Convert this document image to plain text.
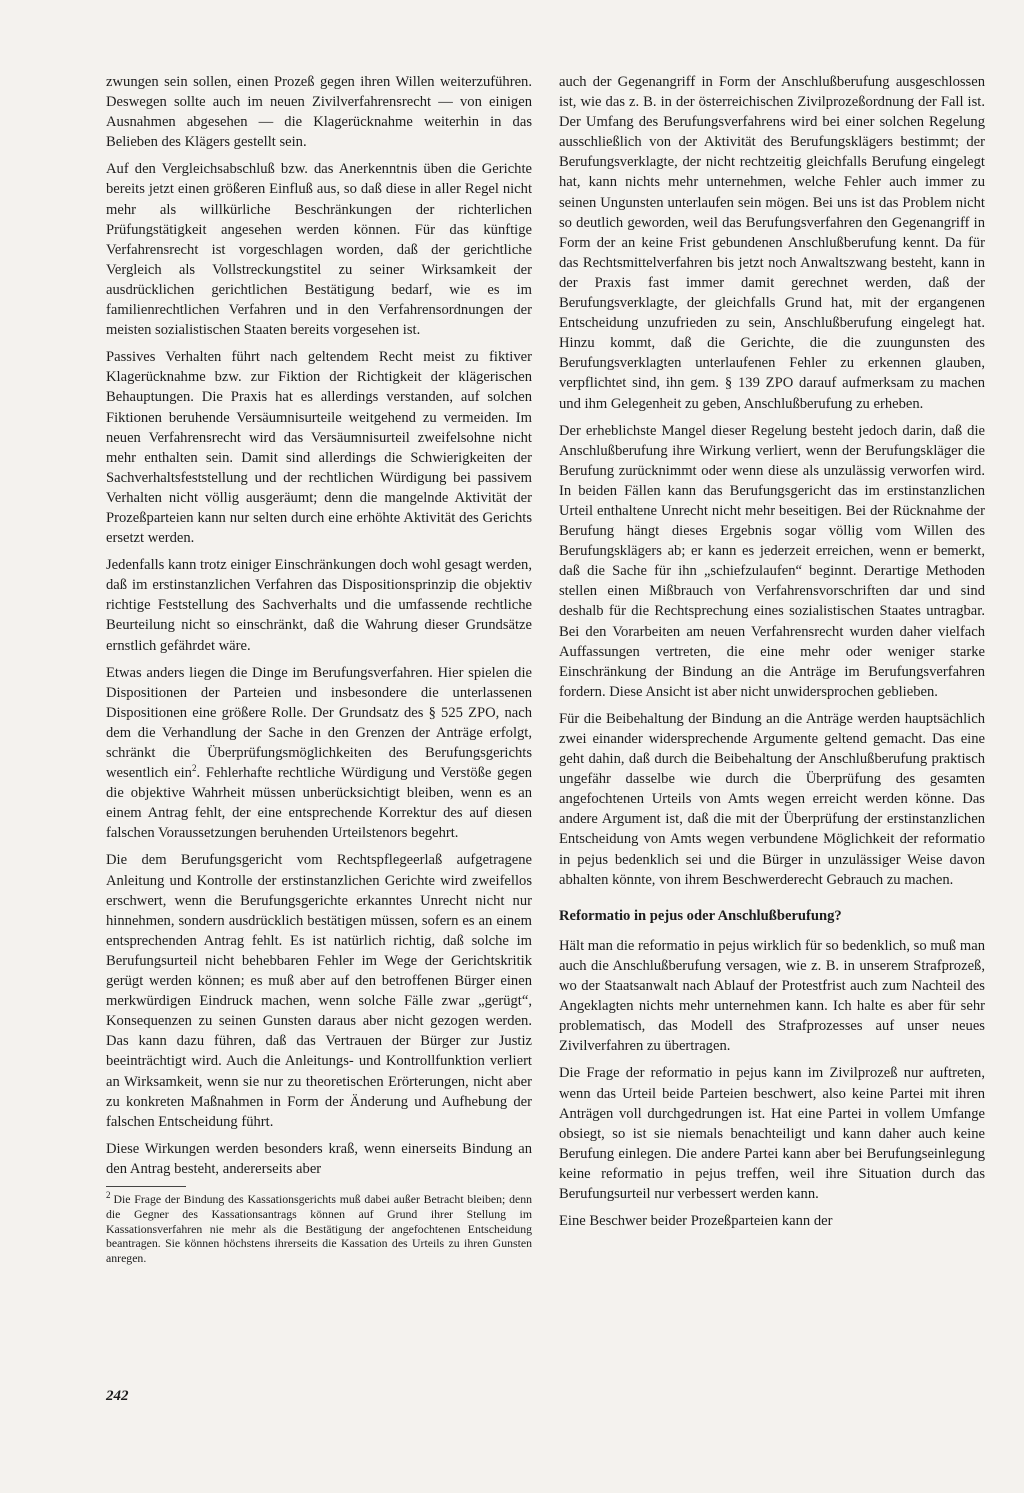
zwungen sein sollen, einen Prozeß gegen ihren Willen weiterzuführen. Deswegen sollte auch im neuen Zivilverfahrensrecht — von einigen Ausnahmen abgesehen — die Klagerücknahme weiterhin in das Belieben des Klägers gestellt sein.

Auf den Vergleichsabschluß bzw. das Anerkenntnis üben die Gerichte bereits jetzt einen größeren Einfluß aus, so daß diese in aller Regel nicht mehr als willkürliche Beschränkungen der richterlichen Prüfungstätigkeit angesehen werden können. Für das künftige Verfahrensrecht ist vorgeschlagen worden, daß der gerichtliche Vergleich als Vollstreckungstitel zu seiner Wirksamkeit der ausdrücklichen gerichtlichen Bestätigung bedarf, wie es im familienrechtlichen Verfahren und in den Verfahrensordnungen der meisten sozialistischen Staaten bereits vorgesehen ist.

Passives Verhalten führt nach geltendem Recht meist zu fiktiver Klagerücknahme bzw. zur Fiktion der Richtigkeit der klägerischen Behauptungen. Die Praxis hat es allerdings verstanden, auf solchen Fiktionen beruhende Versäumnisurteile weitgehend zu vermeiden. Im neuen Verfahrensrecht wird das Versäumnisurteil zweifelsohne nicht mehr enthalten sein. Damit sind allerdings die Schwierigkeiten der Sachverhaltsfeststellung und der rechtlichen Würdigung bei passivem Verhalten nicht völlig ausgeräumt; denn die mangelnde Aktivität der Prozeßparteien kann nur selten durch eine erhöhte Aktivität des Gerichts ersetzt werden.

Jedenfalls kann trotz einiger Einschränkungen doch wohl gesagt werden, daß im erstinstanzlichen Verfahren das Dispositionsprinzip die objektiv richtige Feststellung des Sachverhalts und die umfassende rechtliche Beurteilung nicht so einschränkt, daß die Wahrung dieser Grundsätze ernstlich gefährdet wäre.

Etwas anders liegen die Dinge im Berufungsverfahren. Hier spielen die Dispositionen der Parteien und insbesondere die unterlassenen Dispositionen eine größere Rolle. Der Grundsatz des § 525 ZPO, nach dem die Verhandlung der Sache in den Grenzen der Anträge erfolgt, schränkt die Überprüfungsmöglichkeiten des Berufungsgerichts wesentlich ein$^2$. Fehlerhafte rechtliche Würdigung und Verstöße gegen die objektive Wahrheit müssen unberücksichtigt bleiben, wenn es an einem Antrag fehlt, der eine entsprechende Korrektur des auf diesen falschen Voraussetzungen beruhenden Urteilstenors begehrt.

Die dem Berufungsgericht vom Rechtspflegeerlaß aufgetragene Anleitung und Kontrolle der erstinstanzlichen Gerichte wird zweifellos erschwert, wenn die Berufungsgerichte erkanntes Unrecht nicht nur hinnehmen, sondern ausdrücklich bestätigen müssen, sofern es an einem entsprechenden Antrag fehlt. Es ist natürlich richtig, daß solche im Berufungsurteil nicht behebbaren Fehler im Wege der Gerichtskritik gerügt werden können; es muß aber auf den betroffenen Bürger einen merkwürdigen Eindruck machen, wenn solche Fälle zwar „gerügt“, Konsequenzen zu seinen Gunsten daraus aber nicht gezogen werden. Das kann dazu führen, daß das Vertrauen der Bürger zur Justiz beeinträchtigt wird. Auch die Anleitungs- und Kontrollfunktion verliert an Wirksamkeit, wenn sie nur zu theoretischen Erörterungen, nicht aber zu konkreten Maßnahmen in Form der Änderung und Aufhebung der falschen Entscheidung führt.

Diese Wirkungen werden besonders kraß, wenn einerseits Bindung an den Antrag besteht, andererseits aber

$^2$ Die Frage der Bindung des Kassationsgerichts muß dabei außer Betracht bleiben; denn die Gegner des Kassationsantrags können auf Grund ihrer Stellung im Kassationsverfahren nie mehr als die Bestätigung der angefochtenen Entscheidung beantragen. Sie können höchstens ihrerseits die Kassation des Urteils zu ihren Gunsten anregen.

auch der Gegenangriff in Form der Anschlußberufung ausgeschlossen ist, wie das z. B. in der österreichischen Zivilprozeßordnung der Fall ist. Der Umfang des Berufungsverfahrens wird bei einer solchen Regelung ausschließlich von der Aktivität des Berufungsklägers bestimmt; der Berufungsverklagte, der nicht rechtzeitig gleichfalls Berufung eingelegt hat, kann nichts mehr unternehmen, welche Fehler auch immer zu seinen Ungunsten unterlaufen sein mögen. Bei uns ist das Problem nicht so deutlich geworden, weil das Berufungsverfahren den Gegenangriff in Form der an keine Frist gebundenen Anschlußberufung kennt. Da für das Rechtsmittelverfahren bis jetzt noch Anwaltszwang besteht, kann in der Praxis fast immer damit gerechnet werden, daß der Berufungsverklagte, der gleichfalls Grund hat, mit der ergangenen Entscheidung unzufrieden zu sein, Anschlußberufung eingelegt hat. Hinzu kommt, daß die Gerichte, die die zuungunsten des Berufungsverklagten unterlaufenen Fehler zu erkennen glauben, verpflichtet sind, ihn gem. § 139 ZPO darauf aufmerksam zu machen und ihm Gelegenheit zu geben, Anschlußberufung zu erheben.

Der erheblichste Mangel dieser Regelung besteht jedoch darin, daß die Anschlußberufung ihre Wirkung verliert, wenn der Berufungskläger die Berufung zurücknimmt oder wenn diese als unzulässig verworfen wird. In beiden Fällen kann das Berufungsgericht das im erstinstanzlichen Urteil enthaltene Unrecht nicht mehr beseitigen. Bei der Rücknahme der Berufung hängt dieses Ergebnis sogar völlig vom Willen des Berufungsklägers ab; er kann es jederzeit erreichen, wenn er bemerkt, daß die Sache für ihn „schiefzulaufen“ beginnt. Derartige Methoden stellen einen Mißbrauch von Verfahrensvorschriften dar und sind deshalb für die Rechtsprechung eines sozialistischen Staates untragbar. Bei den Vorarbeiten am neuen Verfahrensrecht wurden daher vielfach Auffassungen vertreten, die eine mehr oder weniger starke Einschränkung der Bindung an die Anträge im Berufungsverfahren fordern. Diese Ansicht ist aber nicht unwidersprochen geblieben.

Für die Beibehaltung der Bindung an die Anträge werden hauptsächlich zwei einander widersprechende Argumente geltend gemacht. Das eine geht dahin, daß durch die Beibehaltung der Anschlußberufung praktisch ungefähr dasselbe wie durch die Überprüfung des gesamten angefochtenen Urteils von Amts wegen erreicht werden könne. Das andere Argument ist, daß die mit der Überprüfung der erstinstanzlichen Entscheidung von Amts wegen verbundene Möglichkeit der reformatio in pejus bedenklich sei und die Bürger in unzulässiger Weise davon abhalten könnte, von ihrem Beschwerderecht Gebrauch zu machen.

Reformatio in pejus oder Anschlußberufung?

Hält man die reformatio in pejus wirklich für so bedenklich, so muß man auch die Anschlußberufung versagen, wie z. B. in unserem Strafprozeß, wo der Staatsanwalt nach Ablauf der Protestfrist auch zum Nachteil des Angeklagten nichts mehr unternehmen kann. Ich halte es aber für sehr problematisch, das Modell des Strafprozesses auf unser neues Zivilverfahren zu übertragen.

Die Frage der reformatio in pejus kann im Zivilprozeß nur auftreten, wenn das Urteil beide Parteien beschwert, also keine Partei mit ihren Anträgen voll durchgedrungen ist. Hat eine Partei in vollem Umfange obsiegt, so ist sie niemals benachteiligt und kann daher auch keine Berufung einlegen. Die andere Partei kann aber bei Berufungseinlegung keine reformatio in pejus treffen, weil ihre Situation durch das Berufungsurteil nur verbessert werden kann.

Eine Beschwer beider Prozeßparteien kann der

242
